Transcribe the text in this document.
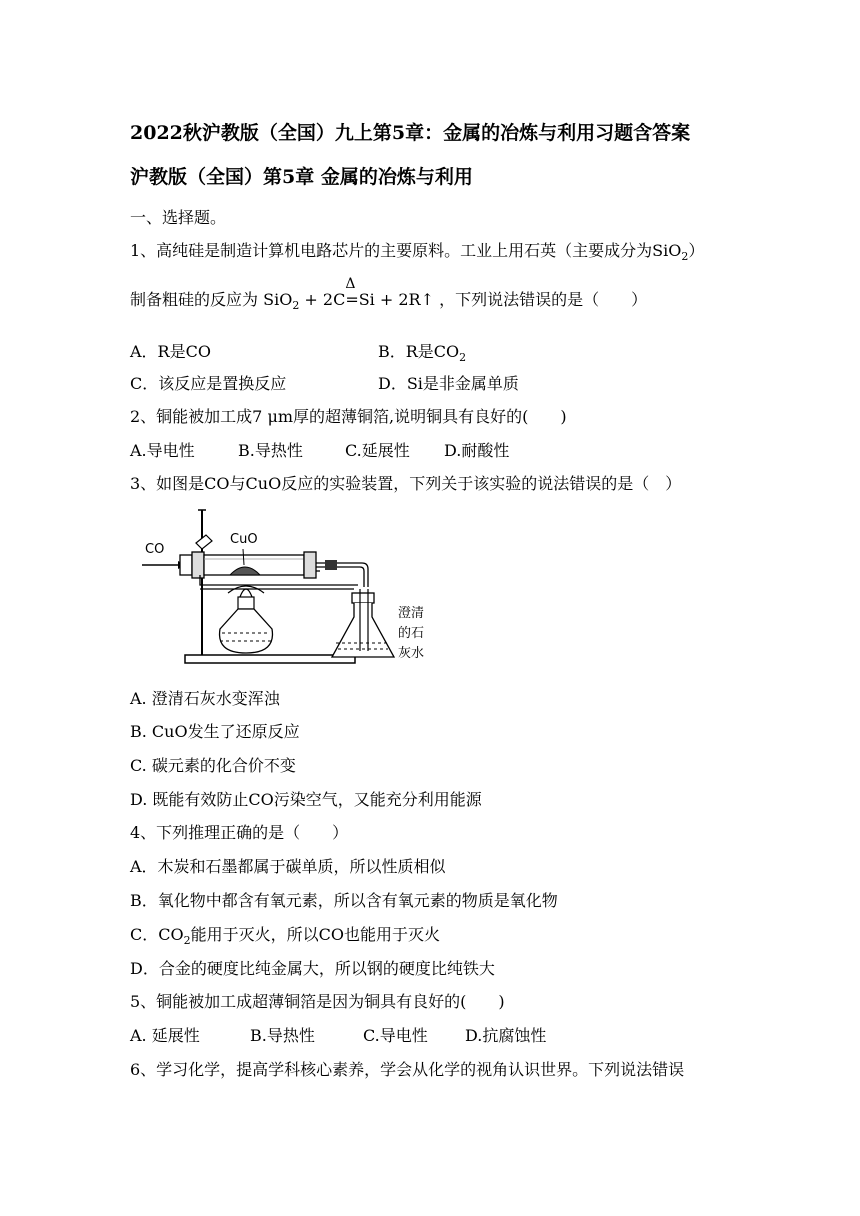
2022秋沪教版（全国）九上第5章：金属的冶炼与利用习题含答案
沪教版（全国）第5章 金属的冶炼与利用
一、选择题。
1、高纯硅是制造计算机电路芯片的主要原料。工业上用石英（主要成分为SiO$_2$）
制备粗硅的反应为 SiO$_2$ + 2C
Δ
=Si + 2R↑ ，下列说法错误的是（　　）
A．R是CO	B．R是$CO_2$
C．该反应是置换反应	D．Si是非金属单质
2、铜能被加工成7 μm厚的超薄铜箔,说明铜具有良好的(　　)
A.导电性	B.导热性	C.延展性 D.耐酸性
3、如图是CO与CuO反应的实验装置，下列关于该实验的说法错误的是（　）
CO
CuO
澄清
的石
灰水
A. 澄清石灰水变浑浊
B. CuO发生了还原反应
C. 碳元素的化合价不变
D. 既能有效防止CO污染空气，又能充分利用能源
4、下列推理正确的是（　　）
A．木炭和石墨都属于碳单质，所以性质相似
B．氧化物中都含有氧元素，所以含有氧元素的物质是氧化物
C．$CO_2$能用于灭火，所以CO也能用于灭火
D．合金的硬度比纯金属大，所以钢的硬度比纯铁大
5、铜能被加工成超薄铜箔是因为铜具有良好的(　　)
A. 延展性	B.导热性	C.导电性 D.抗腐蚀性
6、学习化学，提高学科核心素养，学会从化学的视角认识世界。下列说法错误
